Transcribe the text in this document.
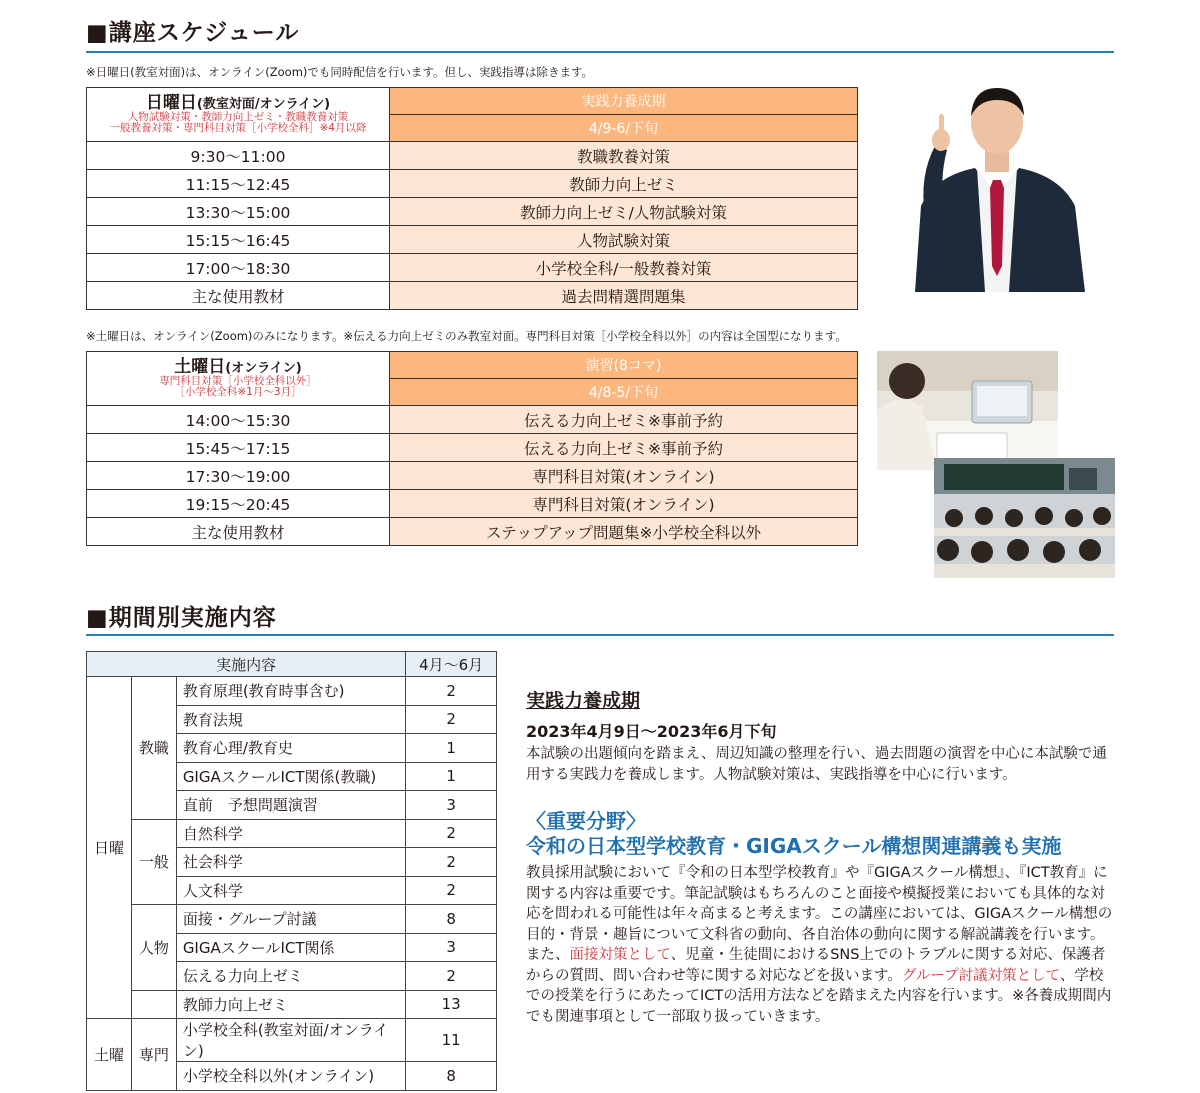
■講座スケジュール
※日曜日(教室対面)は、オンライン(Zoom)でも同時配信を行います。但し、実践指導は除きます。
日曜日(教室対面/オンライン)
人物試験対策・教師力向上ゼミ・教職教養対策
一般教養対策・専門科目対策［小学校全科］※4月以降	実践力養成期
	4/9-6/下旬
9:30～11:00	教職教養対策
11:15～12:45	教師力向上ゼミ
13:30～15:00	教師力向上ゼミ/人物試験対策
15:15～16:45	人物試験対策
17:00～18:30	小学校全科/一般教養対策
主な使用教材	過去問精選問題集
※土曜日は、オンライン(Zoom)のみになります。※伝える力向上ゼミのみ教室対面。専門科目対策［小学校全科以外］の内容は全国型になります。
土曜日(オンライン)
専門科目対策［小学校全科以外］
［小学校全科※1月～3月］	演習(8コマ)
	4/8-5/下旬
14:00～15:30	伝える力向上ゼミ※事前予約
15:45～17:15	伝える力向上ゼミ※事前予約
17:30～19:00	専門科目対策(オンライン)
19:15～20:45	専門科目対策(オンライン)
主な使用教材	ステップアップ問題集※小学校全科以外
■期間別実施内容
実施内容			4月～6月
日曜	教職	教育原理(教育時事含む)	2
		教育法規	2
		教育心理/教育史	1
		GIGAスクールICT関係(教職)	1
		直前　予想問題演習	3
	一般	自然科学	2
		社会科学	2
		人文科学	2
	人物	面接・グループ討議	8
		GIGAスクールICT関係	3
		伝える力向上ゼミ	2
		教師力向上ゼミ	13
土曜	専門	小学校全科(教室対面/オンライン)	11
		小学校全科以外(オンライン)	8
実践力養成期
2023年4月9日～2023年6月下旬
本試験の出題傾向を踏まえ、周辺知識の整理を行い、過去問題の演習を中心に本試験で通用する実践力を養成します。人物試験対策は、実践指導を中心に行います。
〈重要分野〉
令和の日本型学校教育・GIGAスクール構想関連講義も実施
教員採用試験において『令和の日本型学校教育』や『GIGAスクール構想』、『ICT教育』に関する内容は重要です。筆記試験はもちろんのこと面接や模擬授業においても具体的な対応を問われる可能性は年々高まると考えます。この講座においては、GIGAスクール構想の目的・背景・趣旨について文科省の動向、各自治体の動向に関する解説講義を行います。また、面接対策として、児童・生徒間におけるSNS上でのトラブルに関する対応、保護者からの質問、問い合わせ等に関する対応などを扱います。グループ討議対策として、学校での授業を行うにあたってICTの活用方法などを踏まえた内容を行います。※各養成期間内でも関連事項として一部取り扱っていきます。
